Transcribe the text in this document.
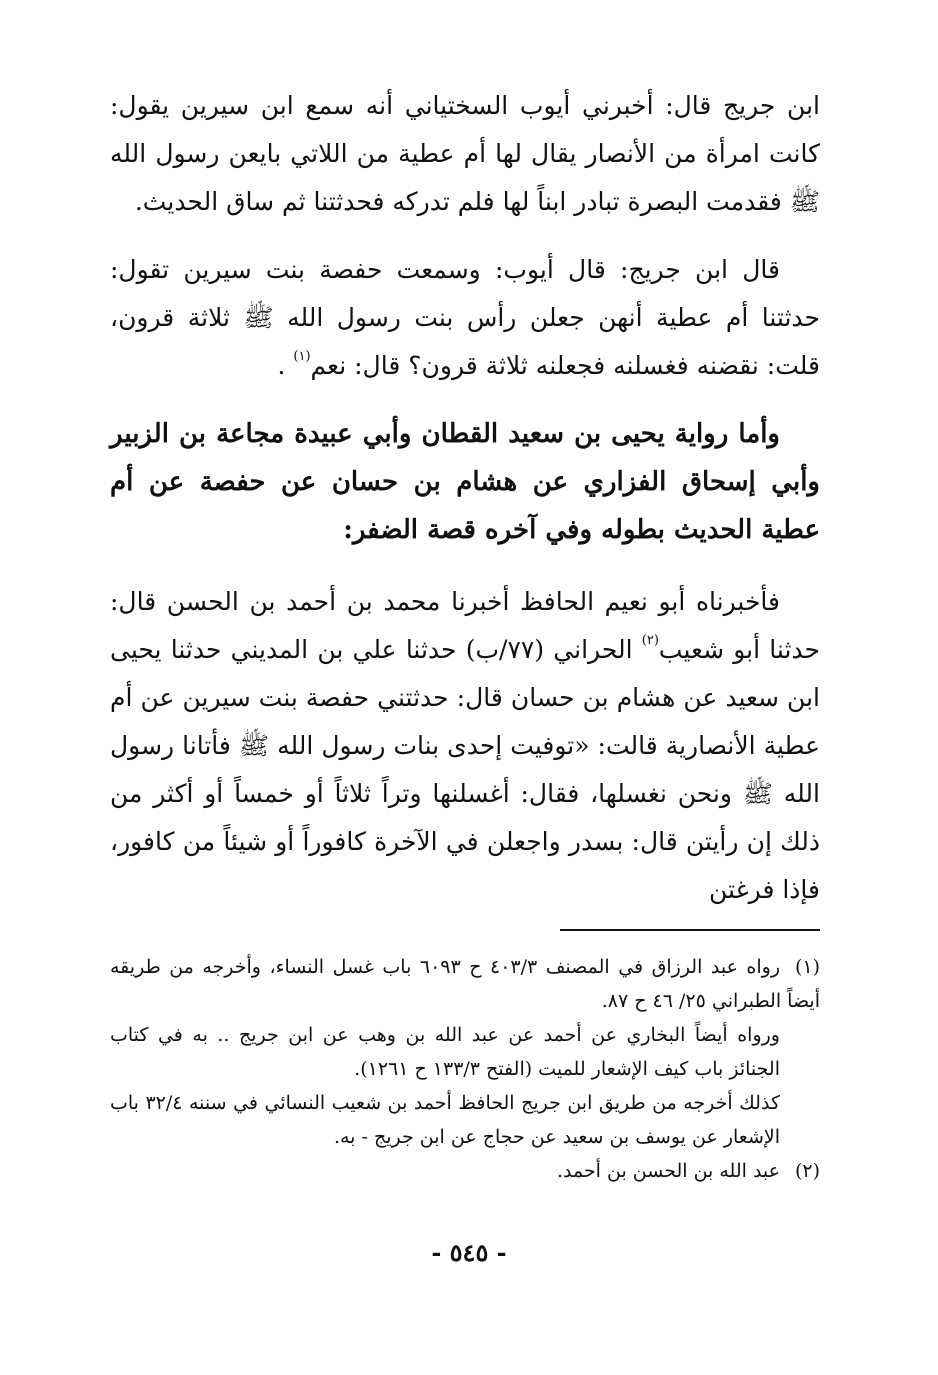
ابن جريج قال: أخبرني أيوب السختياني أنه سمع ابن سيرين يقول: كانت امرأة من الأنصار يقال لها أم عطية من اللاتي بايعن رسول الله ﷺ فقدمت البصرة تبادر ابناً لها فلم تدركه فحدثتنا ثم ساق الحديث.

قال ابن جريج: قال أيوب: وسمعت حفصة بنت سيرين تقول: حدثتنا أم عطية أنهن جعلن رأس بنت رسول الله ﷺ ثلاثة قرون، قلت: نقضنه فغسلنه فجعلنه ثلاثة قرون؟ قال: نعم$^{(١)}$ .

وأما رواية يحيى بن سعيد القطان وأبي عبيدة مجاعة بن الزبير وأبي إسحاق الفزاري عن هشام بن حسان عن حفصة عن أم عطية الحديث بطوله وفي آخره قصة الضفر:

فأخبرناه أبو نعيم الحافظ أخبرنا محمد بن أحمد بن الحسن قال: حدثنا أبو شعيب$^{(٢)}$ الحراني (٧٧/ب) حدثنا علي بن المديني حدثنا يحيى ابن سعيد عن هشام بن حسان قال: حدثتني حفصة بنت سيرين عن أم عطية الأنصارية قالت: «توفيت إحدى بنات رسول الله ﷺ فأتانا رسول الله ﷺ ونحن نغسلها، فقال: أغسلنها وتراً ثلاثاً أو خمساً أو أكثر من ذلك إن رأيتن قال: بسدر واجعلن في الآخرة كافوراً أو شيئاً من كافور، فإذا فرغتن

(١)رواه عبد الرزاق في المصنف ٤٠٣/٣ ح ٦٠٩٣ باب غسل النساء، وأخرجه من طريقه أيضاً الطبراني ٢٥/ ٤٦ ح ٨٧.

ورواه أيضاً البخاري عن أحمد عن عبد الله بن وهب عن ابن جريج .. به في كتاب الجنائز باب كيف الإشعار للميت (الفتح ١٣٣/٣ ح ١٢٦١).

كذلك أخرجه من طريق ابن جريج الحافظ أحمد بن شعيب النسائي في سننه ٣٢/٤ باب الإشعار عن يوسف بن سعيد عن حجاج عن ابن جريج - به.

(٢)عبد الله بن الحسن بن أحمد.

- ٥٤٥ -
